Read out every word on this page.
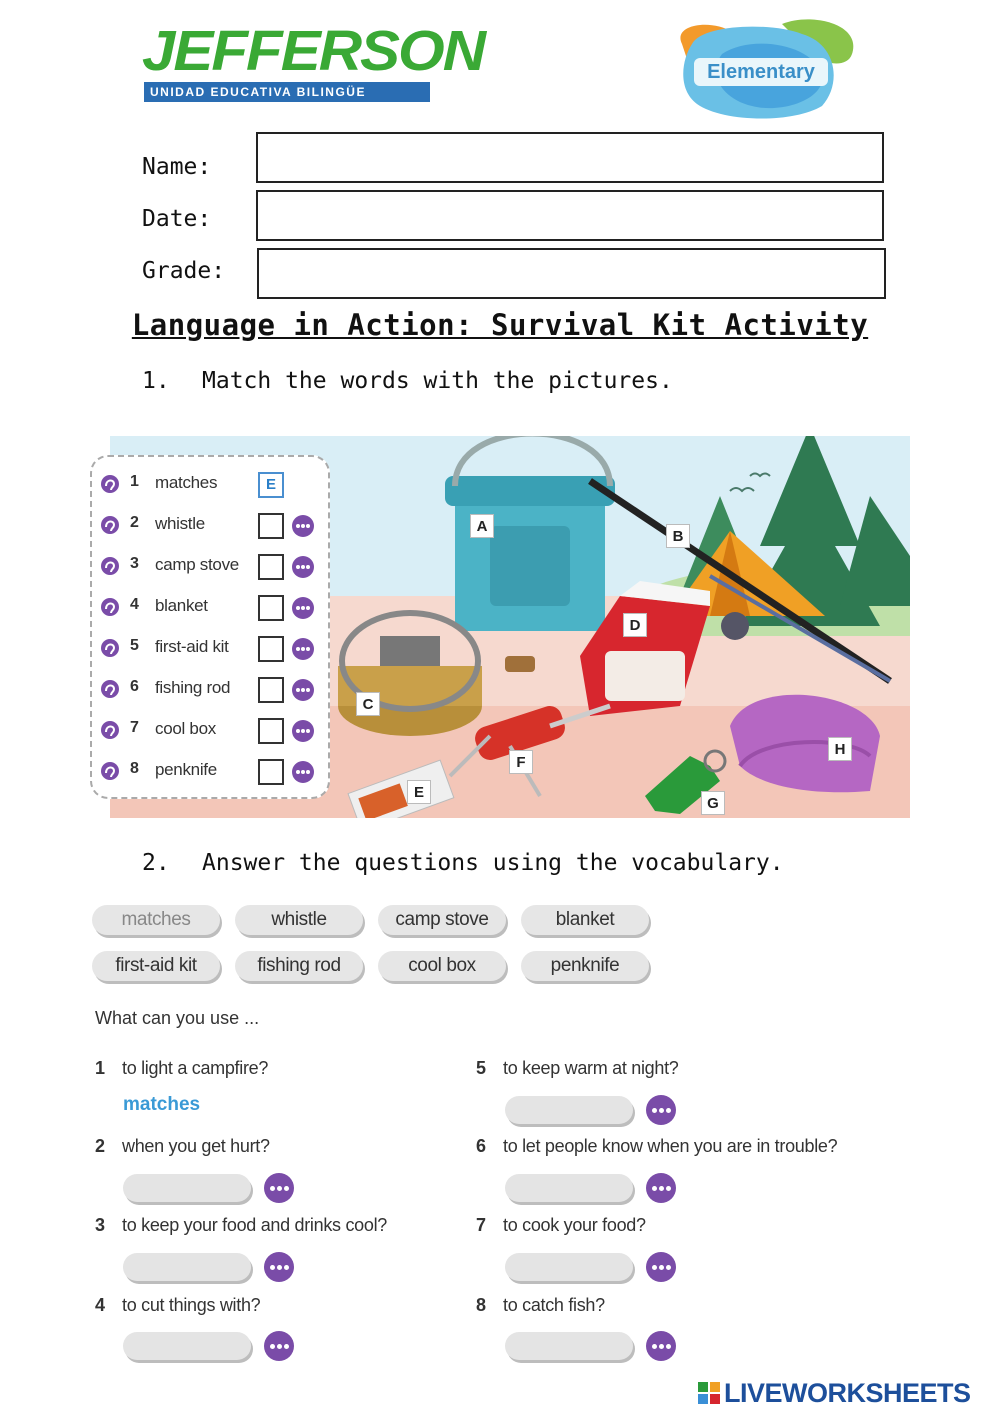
JEFFERSON
UNIDAD EDUCATIVA BILINGÜE
Elementary
Name:
Date:
Grade:
Language in Action: Survival Kit Activity
1. Match the words with the pictures.
A
B
C
D
E
F
G
H
1 matches	E
2 whistle
3 camp stove
4 blanket
5 first-aid kit
6 fishing rod
7 cool box
8 penknife
2. Answer the questions using the vocabulary.
matches	whistle	camp stove	blanket
first-aid kit	fishing rod	cool box	penknife
What can you use ...
1 to light a campfire?
matches
2 when you get hurt?
3 to keep your food and drinks cool?
4 to cut things with?
5 to keep warm at night?
6 to let people know when you are in trouble?
7 to cook your food?
8 to catch fish?
LIVEWORKSHEETS
